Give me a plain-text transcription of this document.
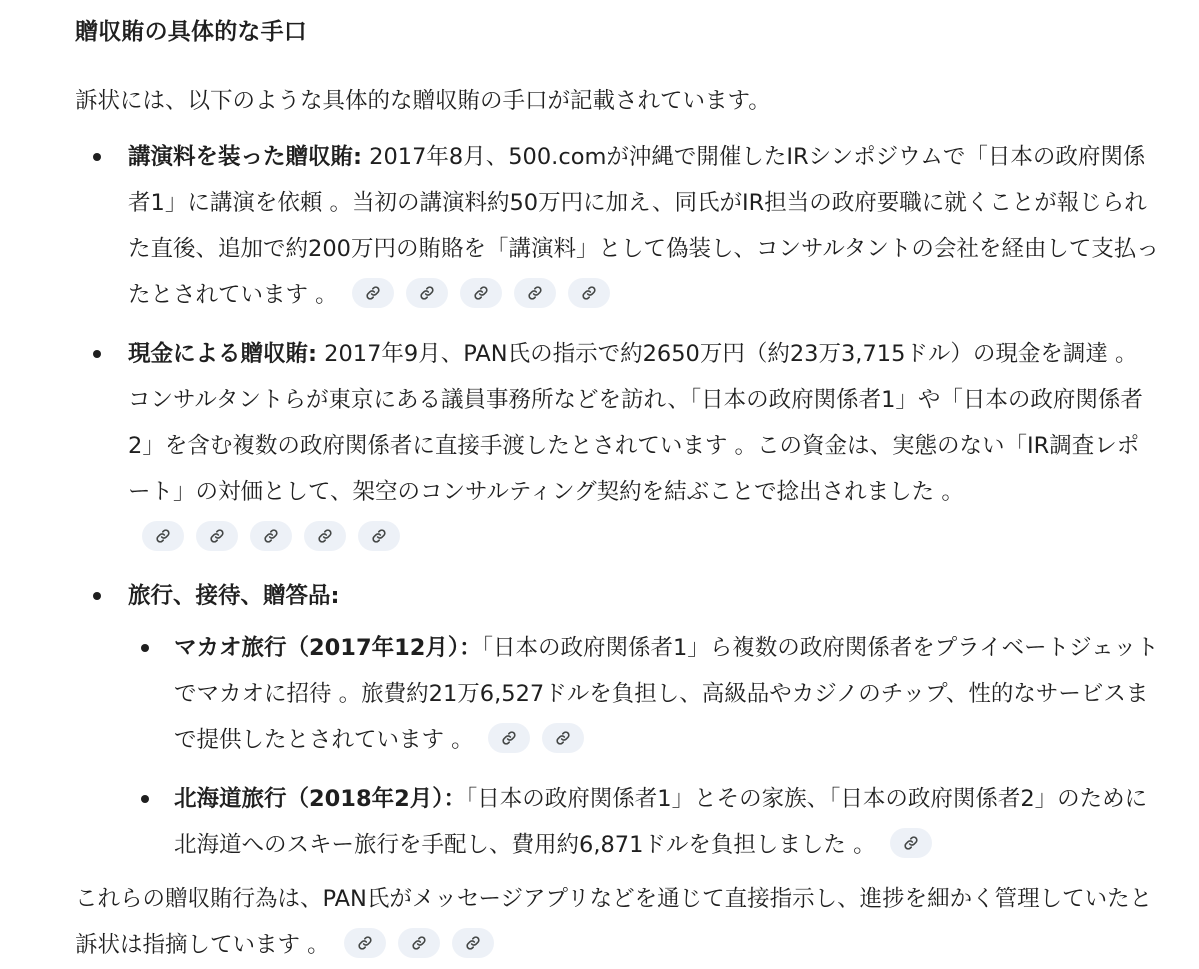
贈収賄の具体的な手口
訴状には、以下のような具体的な贈収賄の手口が記載されています。
講演料を装った贈収賄: 2017年8月、500.comが沖縄で開催したIRシンポジウムで「日本の政府関係者1」に講演を依頼 。当初の講演料約50万円に加え、同氏がIR担当の政府要職に就くことが報じられた直後、追加で約200万円の賄賂を「講演料」として偽装し、コンサルタントの会社を経由して支払ったとされています 。
現金による贈収賄: 2017年9月、PAN氏の指示で約2650万円（約23万3,715ドル）の現金を調達 。コンサルタントらが東京にある議員事務所などを訪れ、「日本の政府関係者1」や「日本の政府関係者2」を含む複数の政府関係者に直接手渡したとされています 。この資金は、実態のない「IR調査レポート」の対価として、架空のコンサルティング契約を結ぶことで捻出されました 。
旅行、接待、贈答品:
マカオ旅行（2017年12月）：「日本の政府関係者1」ら複数の政府関係者をプライベートジェットでマカオに招待 。旅費約21万6,527ドルを負担し、高級品やカジノのチップ、性的なサービスまで提供したとされています 。
北海道旅行（2018年2月）：「日本の政府関係者1」とその家族、「日本の政府関係者2」のために北海道へのスキー旅行を手配し、費用約6,871ドルを負担しました 。
これらの贈収賄行為は、PAN氏がメッセージアプリなどを通じて直接指示し、進捗を細かく管理していたと訴状は指摘しています 。
